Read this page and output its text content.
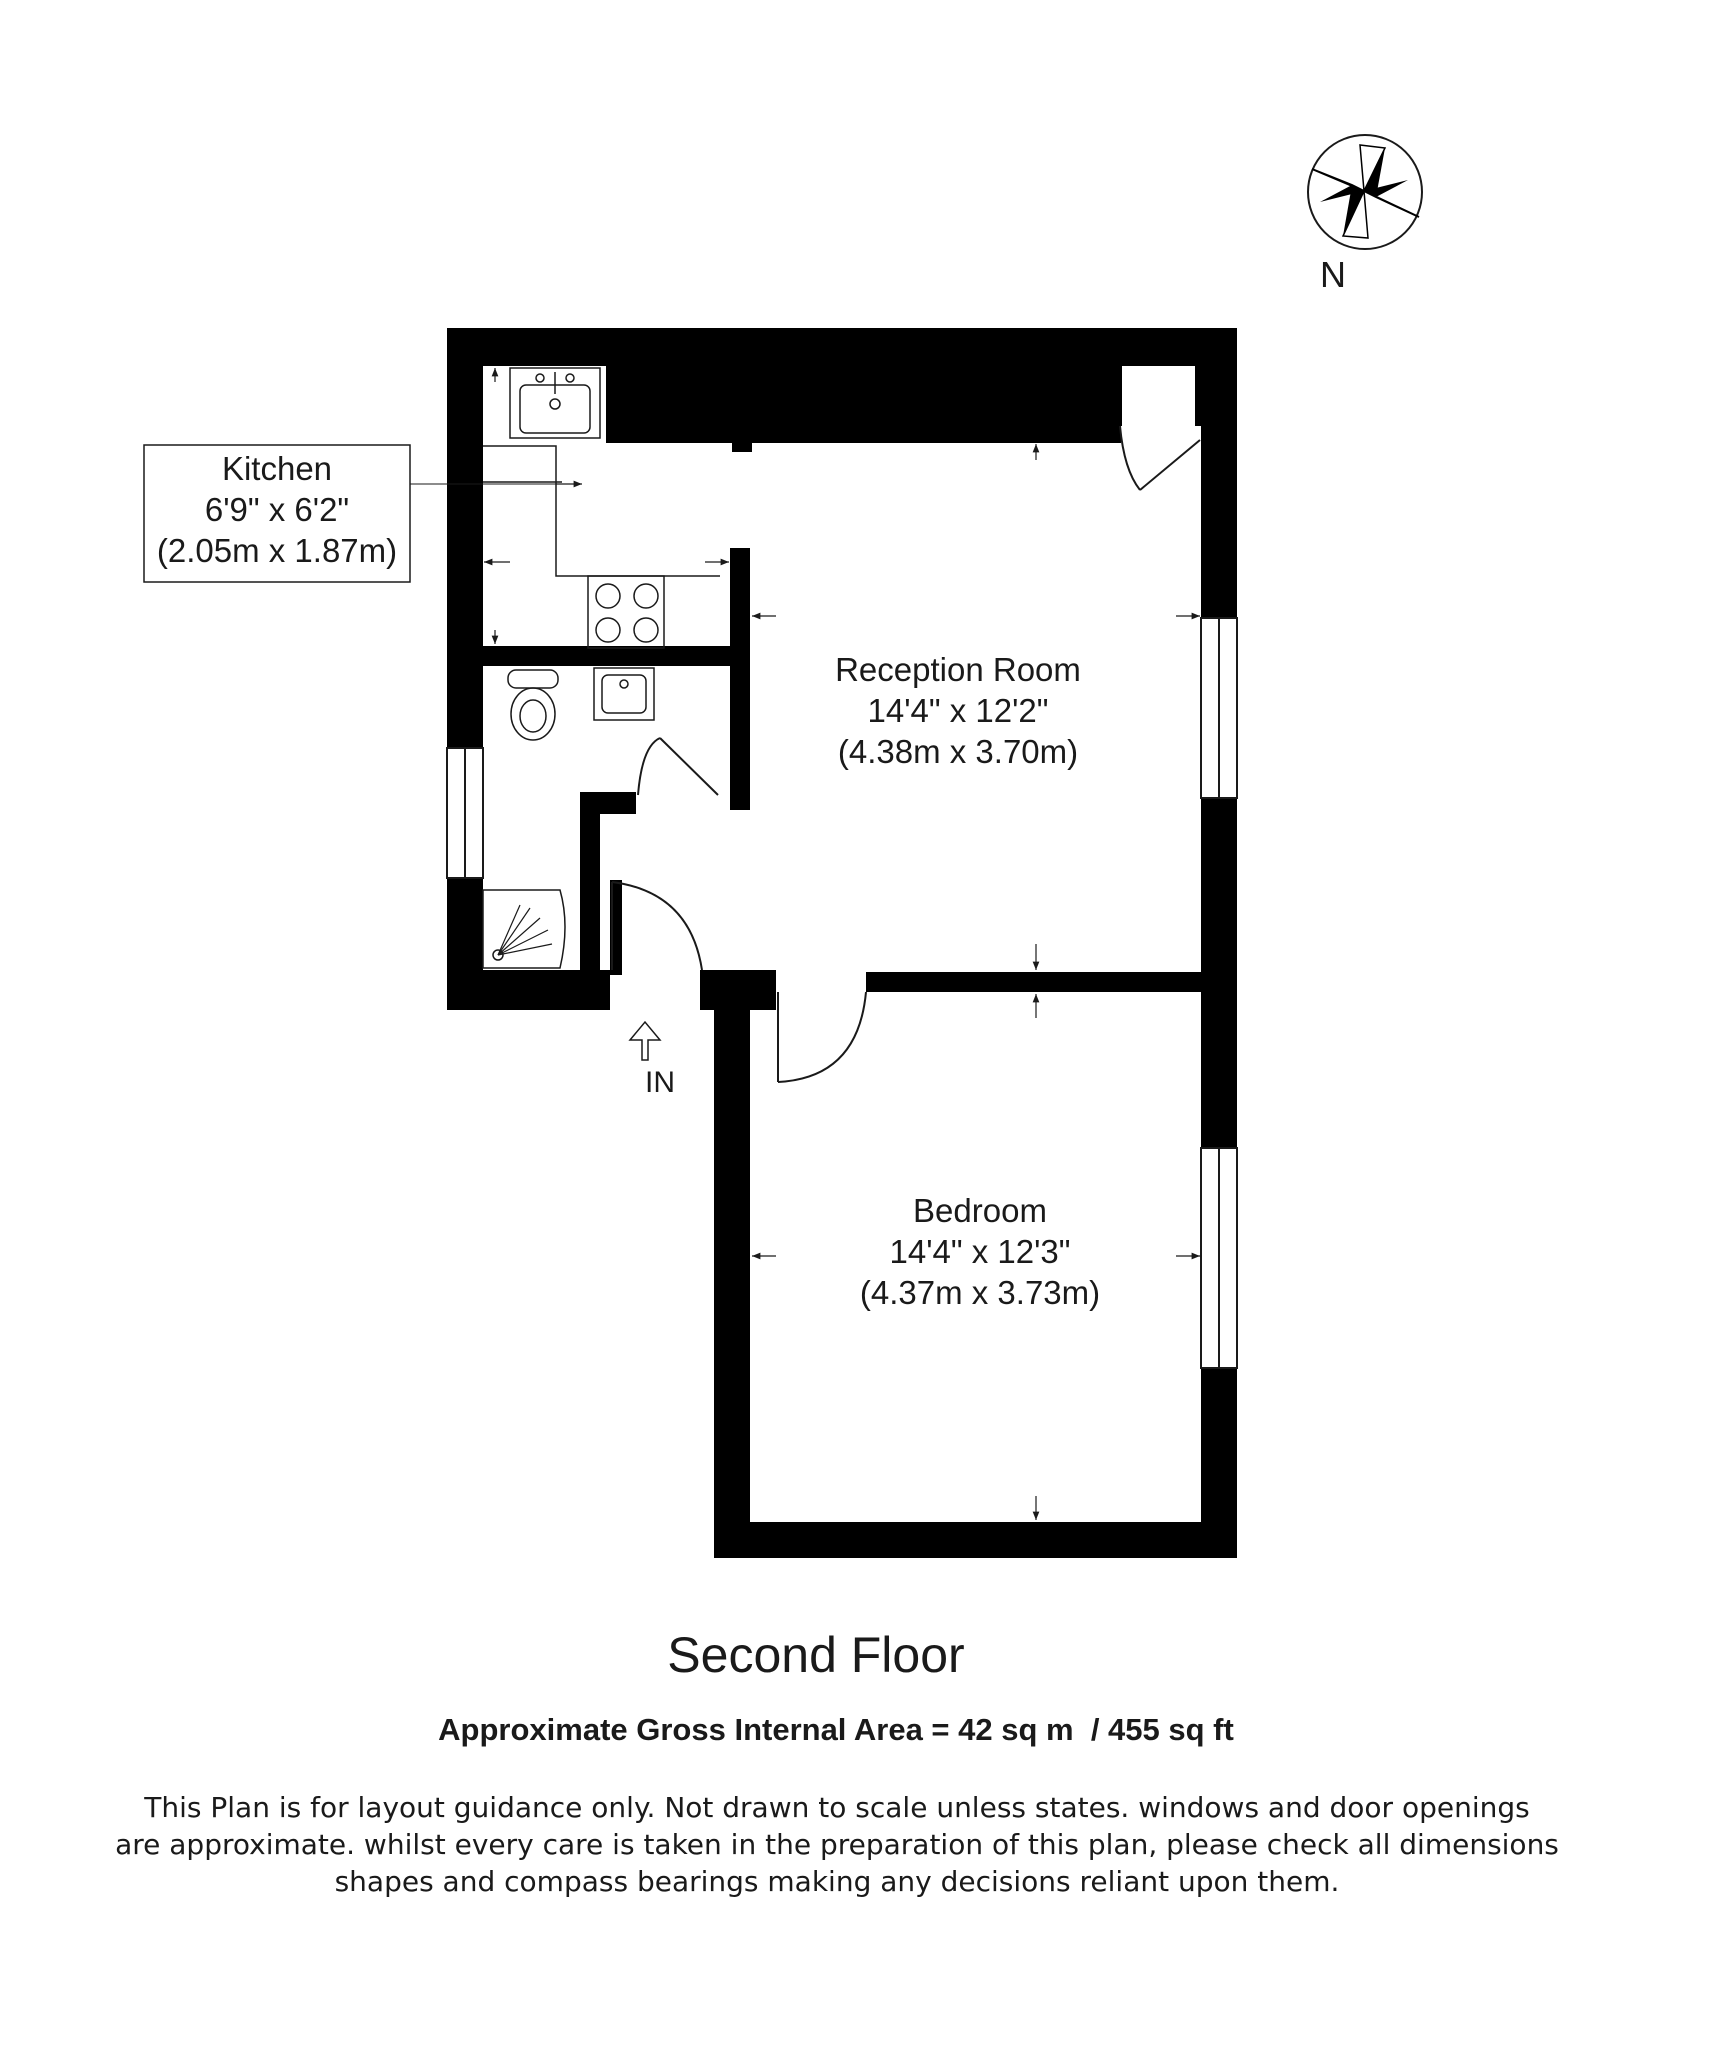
N
Kitchen
6'9" x 6'2"
(2.05m x 1.87m)
Reception Room
14'4" x 12'2"
(4.38m x 3.70m)
Bedroom
14'4" x 12'3"
(4.37m x 3.73m)
IN
Second Floor
Approximate Gross Internal Area = 42 sq m  / 455 sq ft
This Plan is for layout guidance only. Not drawn to scale unless states. windows and door openings
are approximate. whilst every care is taken in the preparation of this plan, please check all dimensions
shapes and compass bearings making any decisions reliant upon them.
